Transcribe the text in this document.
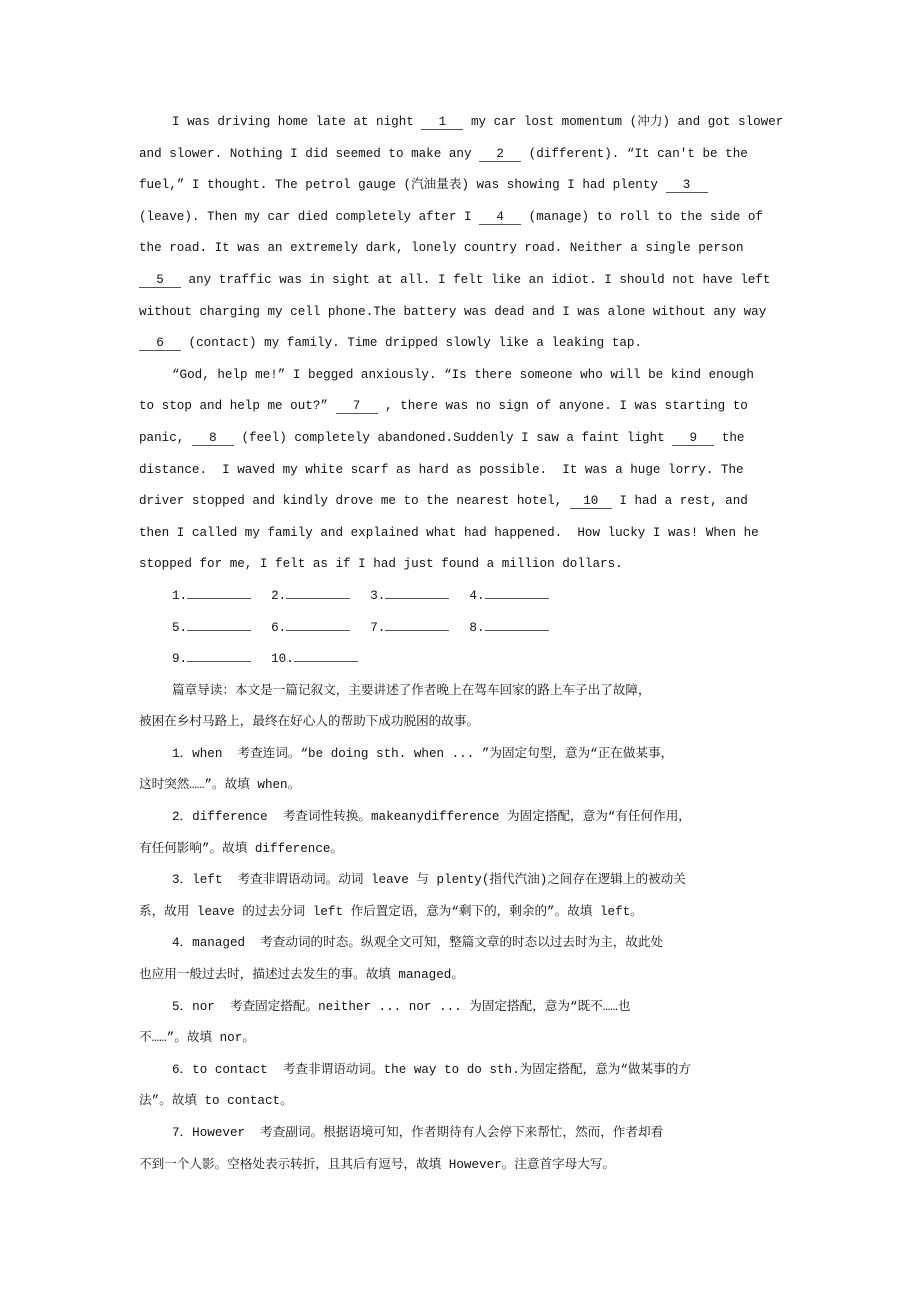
I was driving home late at night 1 my car lost momentum (冲力) and got slower
and slower. Nothing I did seemed to make any 2 (different). “It can't be the
fuel,” I thought. The petrol gauge (汽油量表) was showing I had plenty 3
(leave). Then my car died completely after I 4 (manage) to roll to the side of
the road. It was an extremely dark, lonely country road. Neither a single person
5 any traffic was in sight at all. I felt like an idiot. I should not have left
without charging my cell phone.The battery was dead and I was alone without any way
6 (contact) my family. Time dripped slowly like a leaking tap.
“God, help me!” I begged anxiously. “Is there someone who will be kind enough
to stop and help me out?” 7 , there was no sign of anyone. I was starting to
panic, 8 (feel) completely abandoned.Suddenly I saw a faint light 9 the
distance.  I waved my white scarf as hard as possible.  It was a huge lorry. The
driver stopped and kindly drove me to the nearest hotel, 10 I had a rest, and
then I called my family and explained what had happened.  How lucky I was! When he
stopped for me, I felt as if I had just found a million dollars.
1.	2.	3.	4.
5.	6.	7.	8.
9.	10.
篇章导读：本文是一篇记叙文，主要讲述了作者晚上在驾车回家的路上车子出了故障，
被困在乡村马路上，最终在好心人的帮助下成功脱困的故事。
1．when  考查连词。“be doing sth. when ... ”为固定句型，意为“正在做某事，
这时突然……”。故填 when。
2．difference  考查词性转换。makeanydifference 为固定搭配，意为“有任何作用，
有任何影响”。故填 difference。
3．left  考查非谓语动词。动词 leave 与 plenty(指代汽油)之间存在逻辑上的被动关
系，故用 leave 的过去分词 left 作后置定语，意为“剩下的，剩余的”。故填 left。
4．managed  考查动词的时态。纵观全文可知，整篇文章的时态以过去时为主，故此处
也应用一般过去时，描述过去发生的事。故填 managed。
5．nor  考查固定搭配。neither ... nor ... 为固定搭配，意为“既不……也
不……”。故填 nor。
6．to contact  考查非谓语动词。the way to do sth.为固定搭配，意为“做某事的方
法”。故填 to contact。
7．However  考查副词。根据语境可知，作者期待有人会停下来帮忙，然而，作者却看
不到一个人影。空格处表示转折，且其后有逗号，故填 However。注意首字母大写。
